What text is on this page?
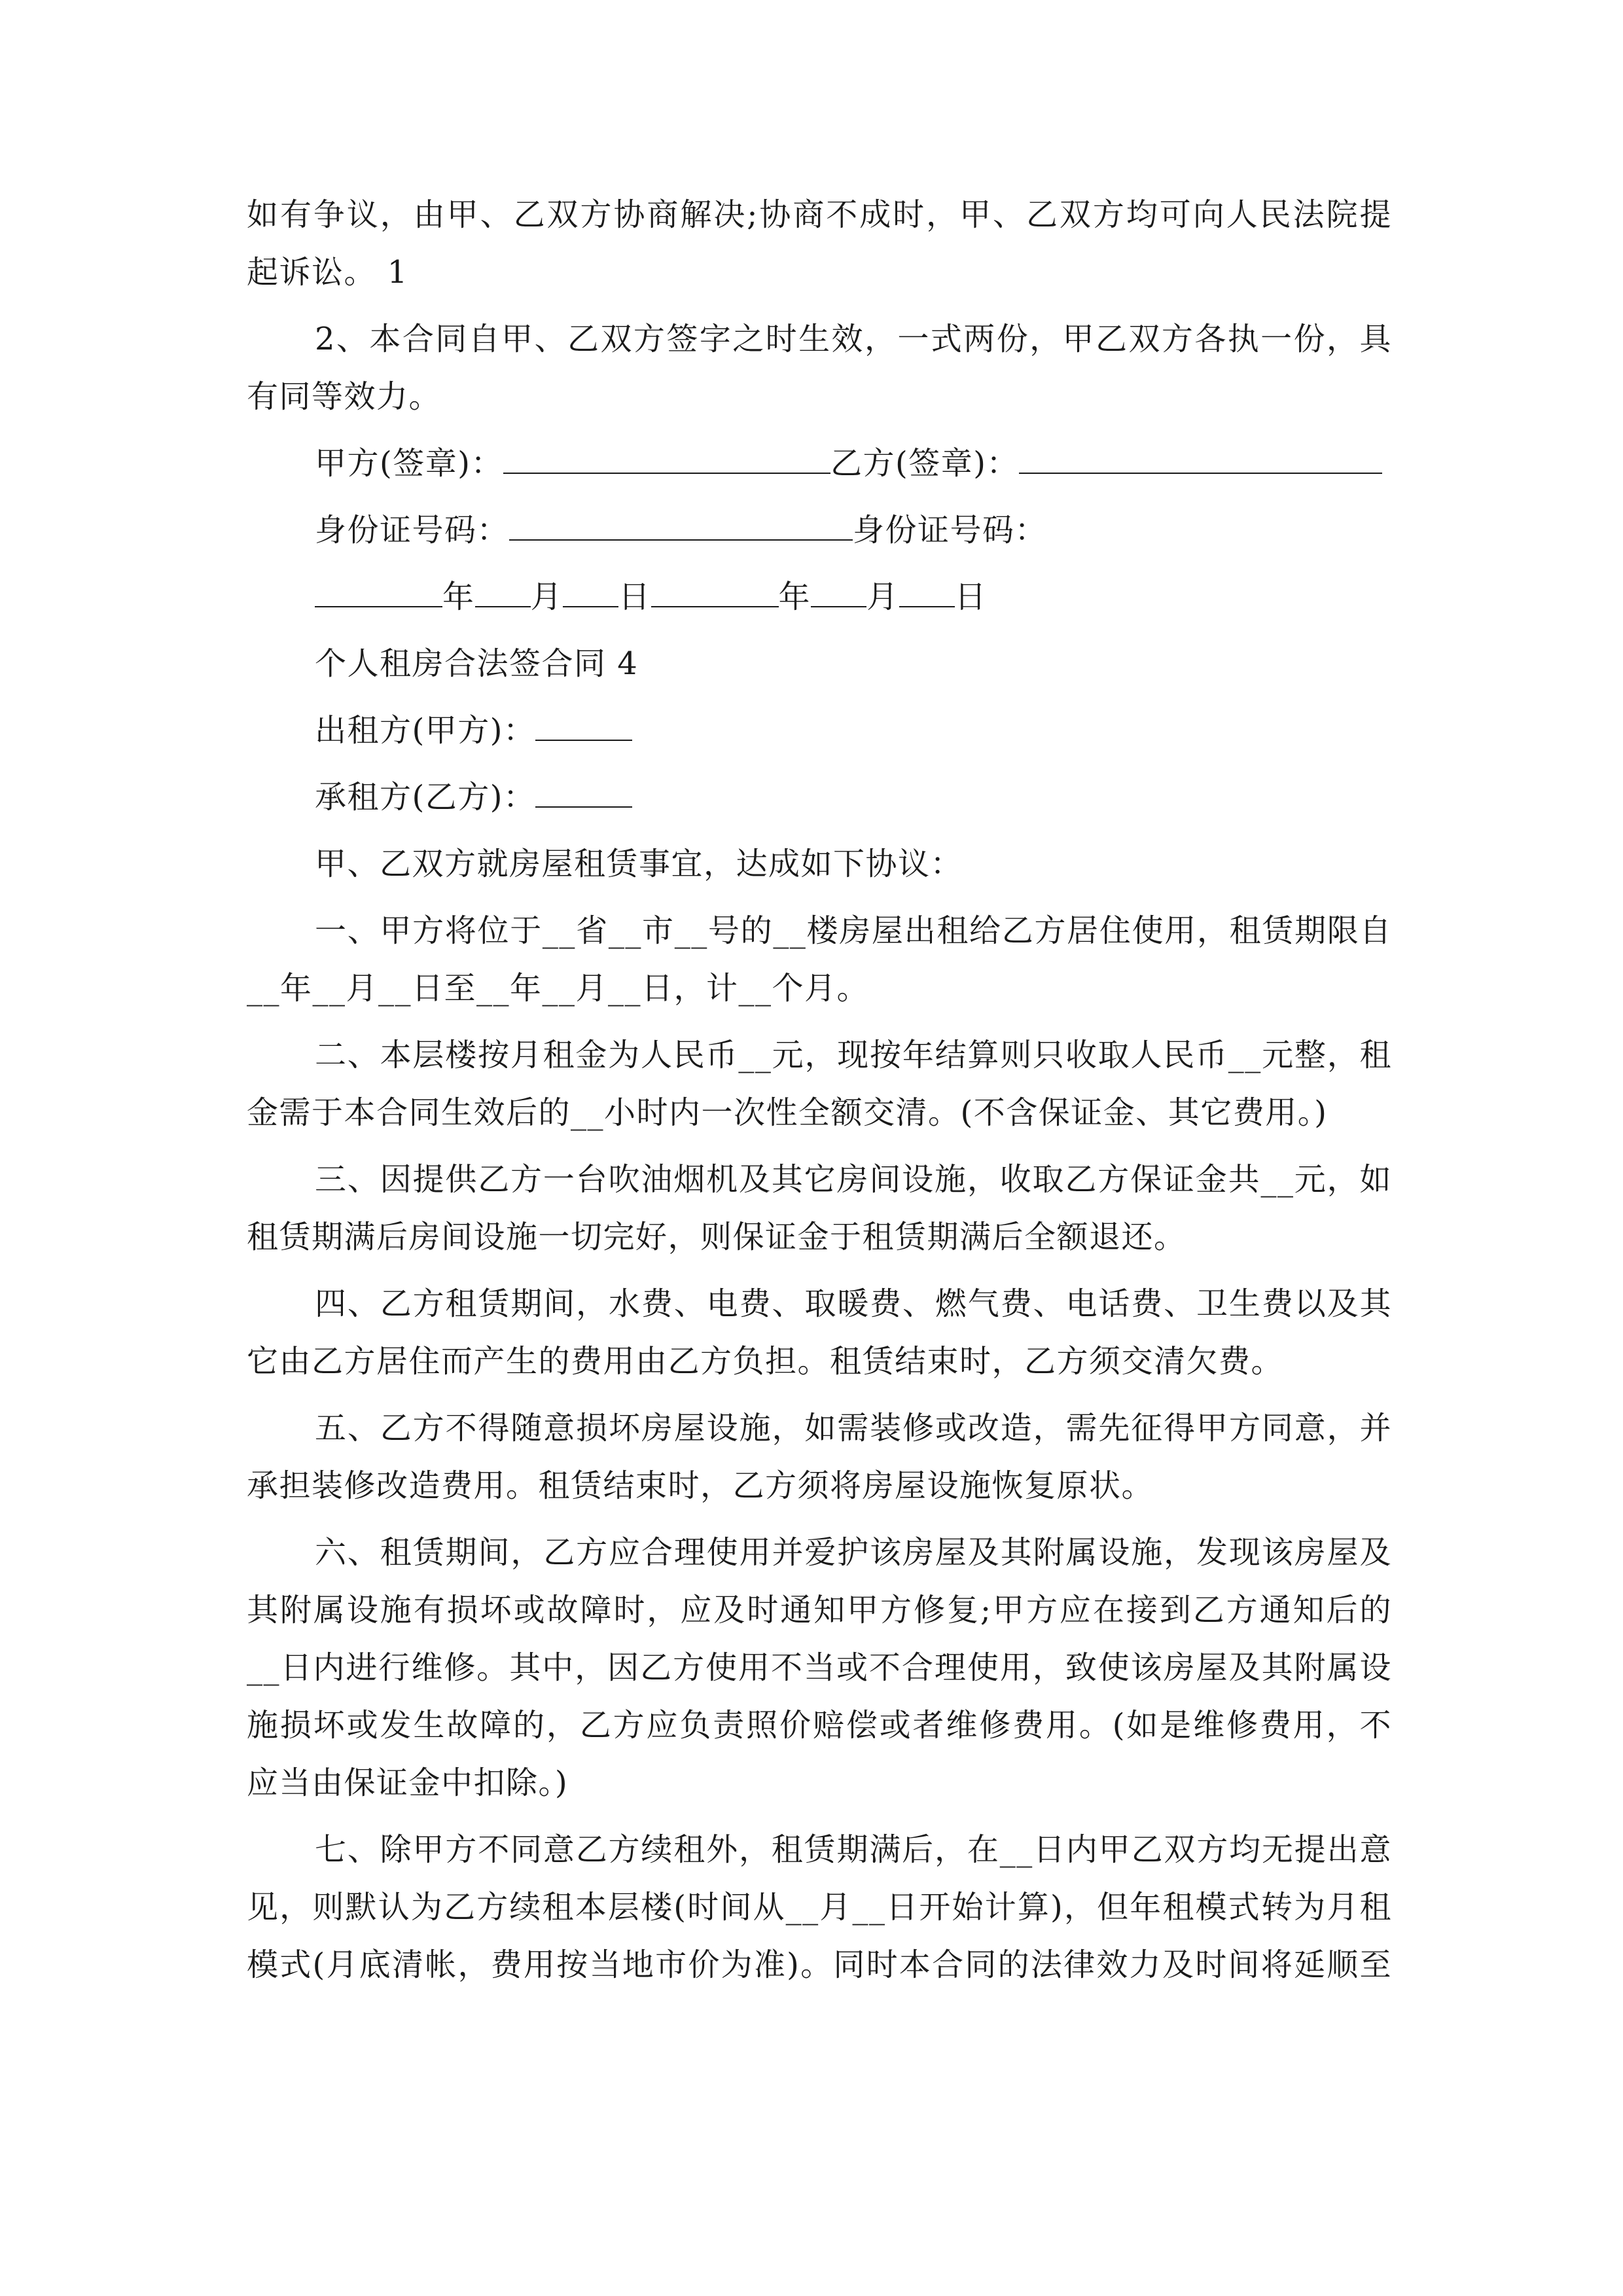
如有争议，由甲、乙双方协商解决;协商不成时，甲、乙双方均可向人民法院提
起诉讼。 1
2、本合同自甲、乙双方签字之时生效，一式两份，甲乙双方各执一份，具
有同等效力。
甲方(签章)：	乙方(签章)：
身份证号码：	身份证号码：
年 月 日	年 月 日
个人租房合法签合同 4
出租方(甲方)：
承租方(乙方)：
甲、乙双方就房屋租赁事宜，达成如下协议：
一、甲方将位于__省__市__号的__楼房屋出租给乙方居住使用，租赁期限自
__年__月__日至__年__月__日，计__个月。
二、本层楼按月租金为人民币__元，现按年结算则只收取人民币__元整，租
金需于本合同生效后的__小时内一次性全额交清。(不含保证金、其它费用。)
三、因提供乙方一台吹油烟机及其它房间设施，收取乙方保证金共__元，如
租赁期满后房间设施一切完好，则保证金于租赁期满后全额退还。
四、乙方租赁期间，水费、电费、取暖费、燃气费、电话费、卫生费以及其
它由乙方居住而产生的费用由乙方负担。租赁结束时，乙方须交清欠费。
五、乙方不得随意损坏房屋设施，如需装修或改造，需先征得甲方同意，并
承担装修改造费用。租赁结束时，乙方须将房屋设施恢复原状。
六、租赁期间，乙方应合理使用并爱护该房屋及其附属设施，发现该房屋及
其附属设施有损坏或故障时，应及时通知甲方修复;甲方应在接到乙方通知后的
__日内进行维修。其中，因乙方使用不当或不合理使用，致使该房屋及其附属设
施损坏或发生故障的，乙方应负责照价赔偿或者维修费用。(如是维修费用，不
应当由保证金中扣除。)
七、除甲方不同意乙方续租外，租赁期满后，在__日内甲乙双方均无提出意
见，则默认为乙方续租本层楼(时间从__月__日开始计算)，但年租模式转为月租
模式(月底清帐，费用按当地市价为准)。同时本合同的法律效力及时间将延顺至
